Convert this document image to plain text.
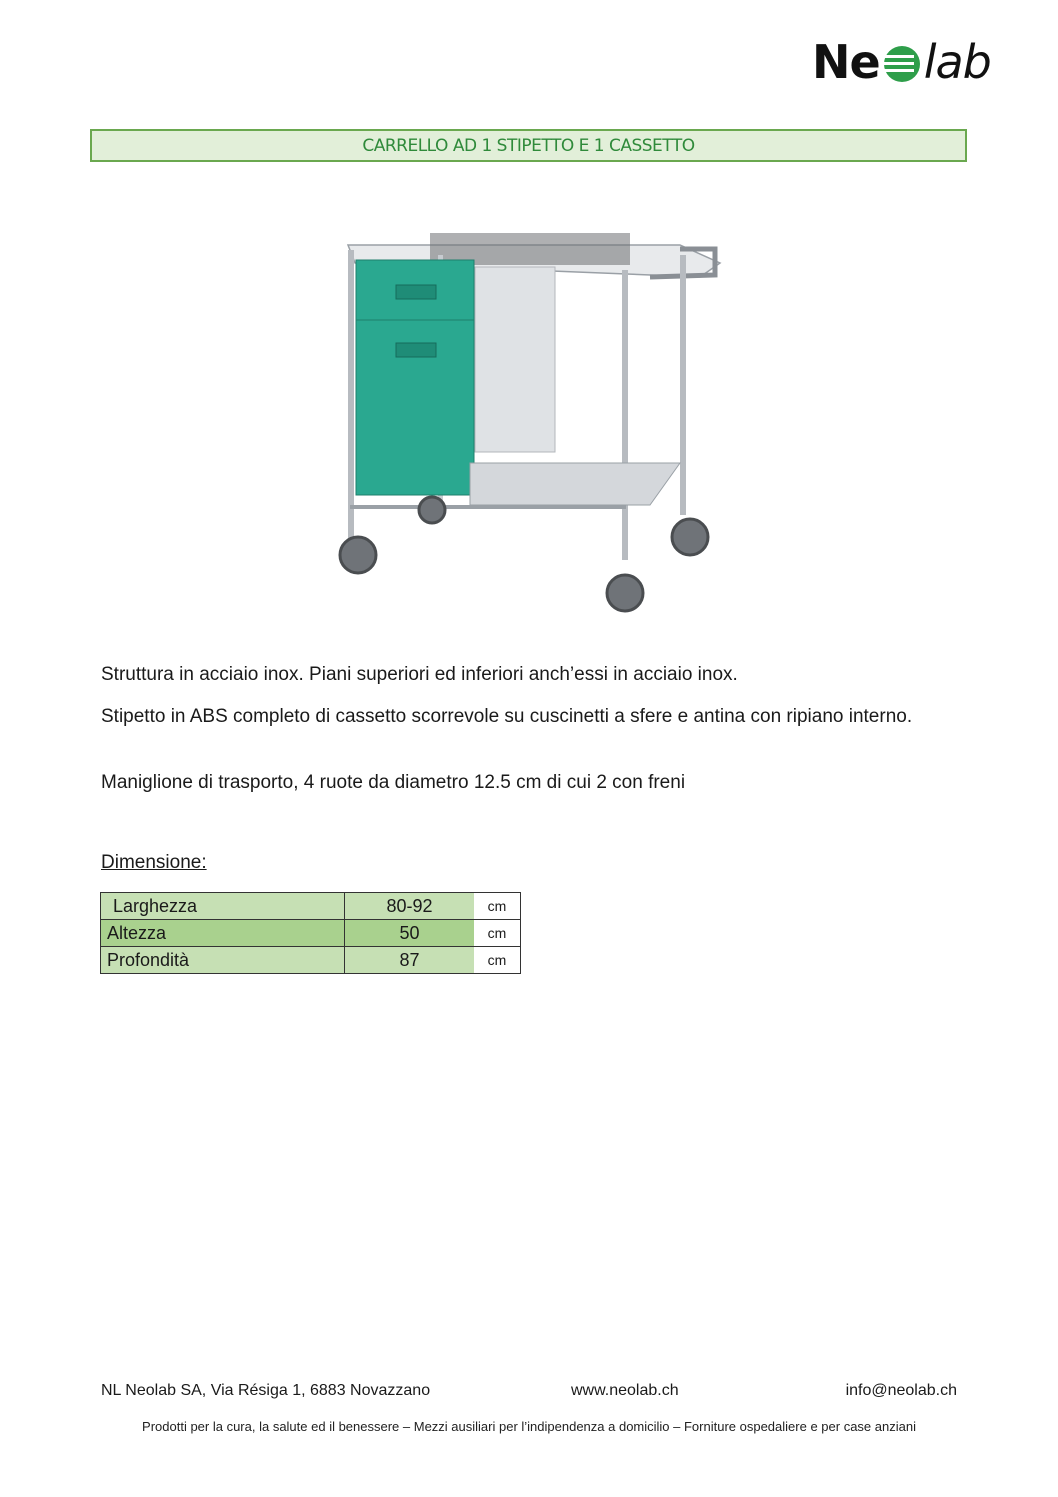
Ne lab
CARRELLO AD 1 STIPETTO E 1 CASSETTO

Struttura in acciaio inox. Piani superiori ed inferiori anch’essi in acciaio inox.

Stipetto in ABS completo di cassetto scorrevole su cuscinetti a sfere e antina con ripiano interno.

Maniglione di trasporto, 4 ruote da diametro 12.5 cm di cui 2 con freni

Dimensione:

Larghezza	80-92	cm
Altezza	50	cm
Profondità	87	cm
NL Neolab SA, Via Résiga 1, 6883 Novazzano	www.neolab.ch	info@neolab.ch

Prodotti per la cura, la salute ed il benessere – Mezzi ausiliari per l’indipendenza a domicilio – Forniture ospedaliere e per case anziani
